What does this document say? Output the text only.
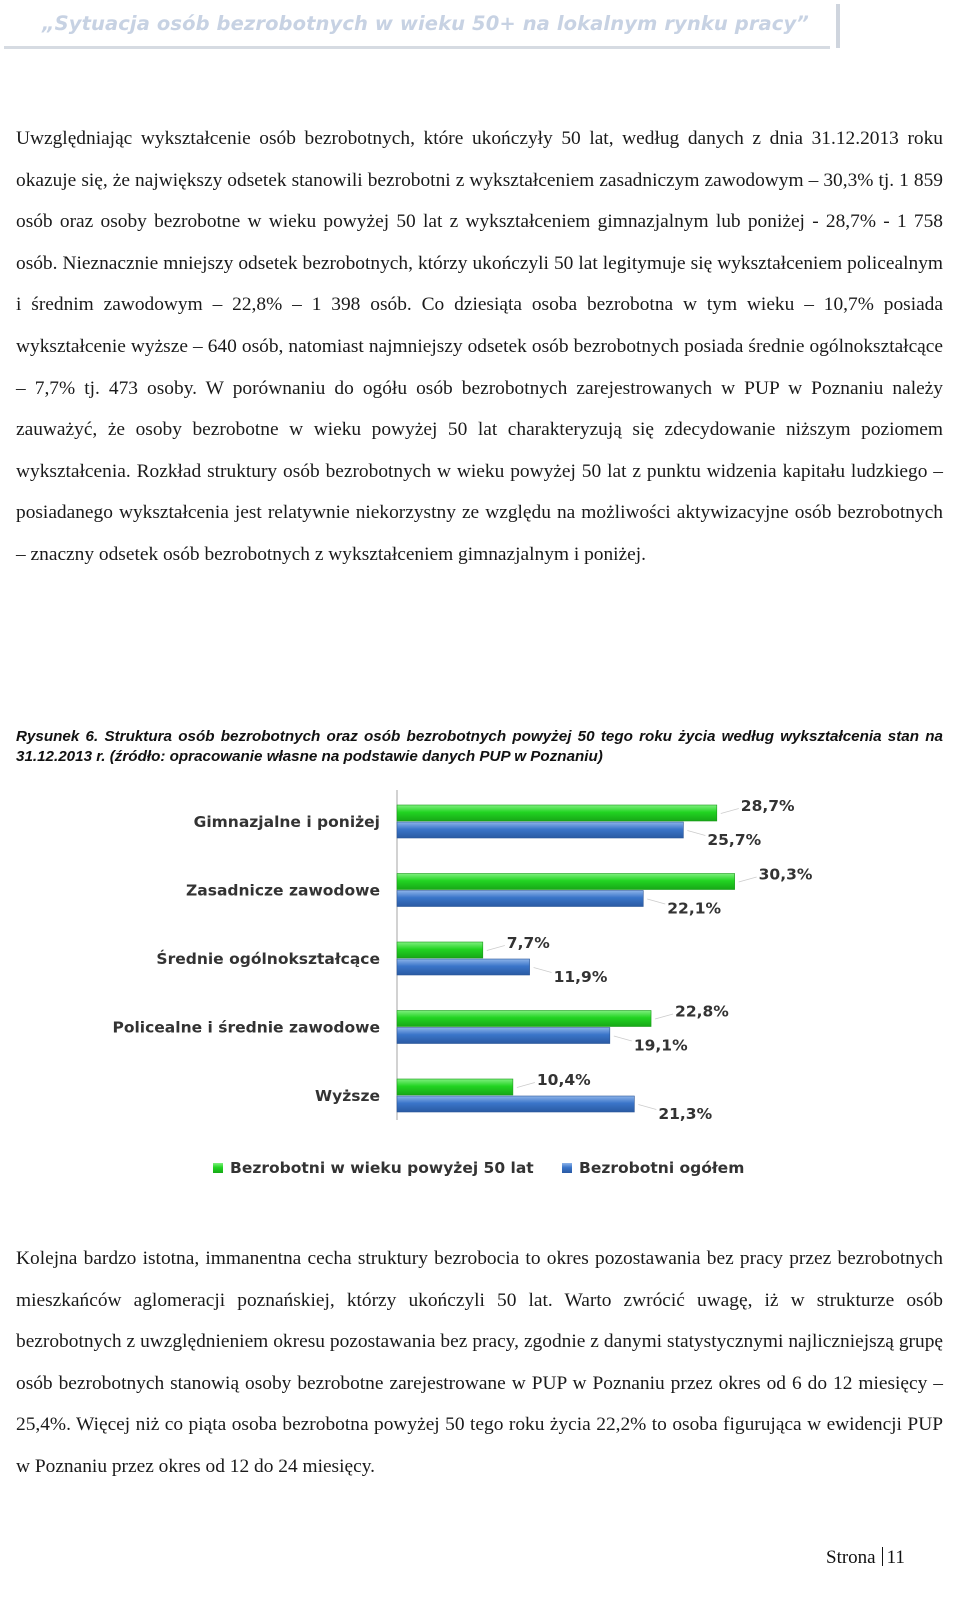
„Sytuacja osób bezrobotnych w wieku 50+ na lokalnym rynku pracy”

Uwzględniając wykształcenie osób bezrobotnych, które ukończyły 50 lat, według danych z dnia 31.12.2013 roku okazuje się, że największy odsetek stanowili bezrobotni z wykształceniem zasadniczym zawodowym – 30,3% tj. 1 859 osób oraz osoby bezrobotne w wieku powyżej 50 lat z wykształceniem gimnazjalnym lub poniżej - 28,7% - 1 758 osób. Nieznacznie mniejszy odsetek bezrobotnych, którzy ukończyli 50 lat legitymuje się wykształceniem policealnym i średnim zawodowym – 22,8% – 1 398 osób. Co dziesiąta osoba bezrobotna w tym wieku – 10,7% posiada wykształcenie wyższe – 640 osób, natomiast najmniejszy odsetek osób bezrobotnych posiada średnie ogólnokształcące – 7,7% tj. 473 osoby. W porównaniu do ogółu osób bezrobotnych zarejestrowanych w PUP w Poznaniu należy zauważyć, że osoby bezrobotne w wieku powyżej 50 lat charakteryzują się zdecydowanie niższym poziomem wykształcenia. Rozkład struktury osób bezrobotnych w wieku powyżej 50 lat z punktu widzenia kapitału ludzkiego – posiadanego wykształcenia jest relatywnie niekorzystny ze względu na możliwości aktywizacyjne osób bezrobotnych – znaczny odsetek osób bezrobotnych z wykształceniem gimnazjalnym i poniżej.

Rysunek 6. Struktura osób bezrobotnych oraz osób bezrobotnych powyżej 50 tego roku życia według wykształcenia stan na 31.12.2013 r. (źródło: opracowanie własne na podstawie danych PUP w Poznaniu)

Gimnazjalne i poniżej
28,7%
25,7%
Zasadnicze zawodowe
30,3%
22,1%
Średnie ogólnokształcące
7,7%
11,9%
Policealne i średnie zawodowe
22,8%
19,1%
Wyższe
10,4%
21,3%
Bezrobotni w wieku powyżej 50 lat	Bezrobotni ogółem

Kolejna bardzo istotna, immanentna cecha struktury bezrobocia to okres pozostawania bez pracy przez bezrobotnych mieszkańców aglomeracji poznańskiej, którzy ukończyli 50 lat. Warto zwrócić uwagę, iż w strukturze osób bezrobotnych z uwzględnieniem okresu pozostawania bez pracy, zgodnie z danymi statystycznymi najliczniejszą grupę osób bezrobotnych stanowią osoby bezrobotne zarejestrowane w PUP w Poznaniu przez okres od 6 do 12 miesięcy – 25,4%. Więcej niż co piąta osoba bezrobotna powyżej 50 tego roku życia 22,2% to osoba figurująca w ewidencji PUP w Poznaniu przez okres od 12 do 24 miesięcy.

Strona 11
